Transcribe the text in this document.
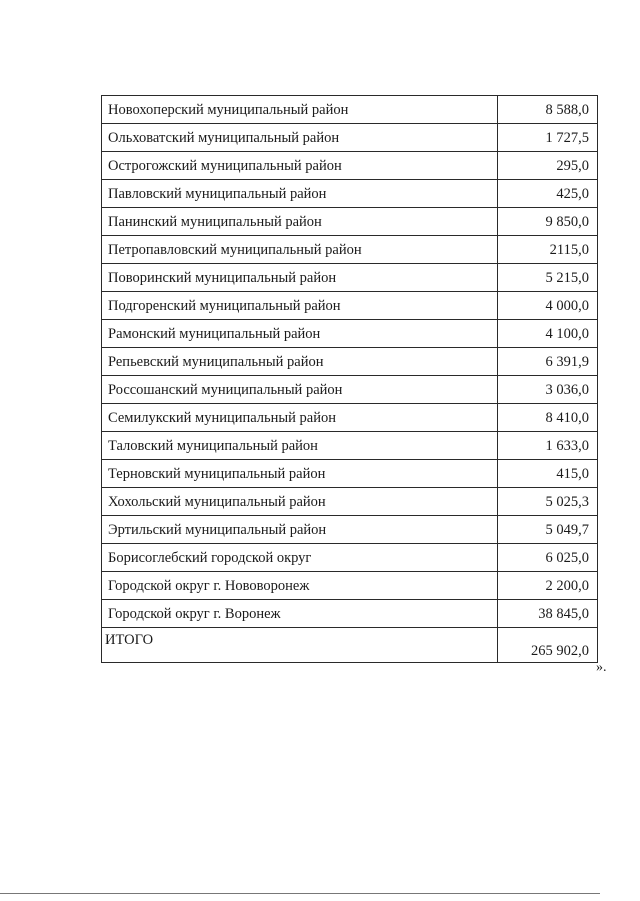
Новохоперский муниципальный район	8 588,0
Ольховатский муниципальный район	1 727,5
Острогожский муниципальный район	295,0
Павловский муниципальный район	425,0
Панинский муниципальный район	9 850,0
Петропавловский муниципальный район	2115,0
Поворинский муниципальный район	5 215,0
Подгоренский муниципальный район	4 000,0
Рамонский муниципальный район	4 100,0
Репьевский муниципальный район	6 391,9
Россошанский муниципальный район	3 036,0
Семилукский муниципальный район	8 410,0
Таловский муниципальный район	1 633,0
Терновский муниципальный район	415,0
Хохольский муниципальный район	5 025,3
Эртильский муниципальный район	5 049,7
Борисоглебский городской округ	6 025,0
Городской округ г. Нововоронеж	2 200,0
Городской округ г. Воронеж	38 845,0
ИТОГО	265 902,0
».
